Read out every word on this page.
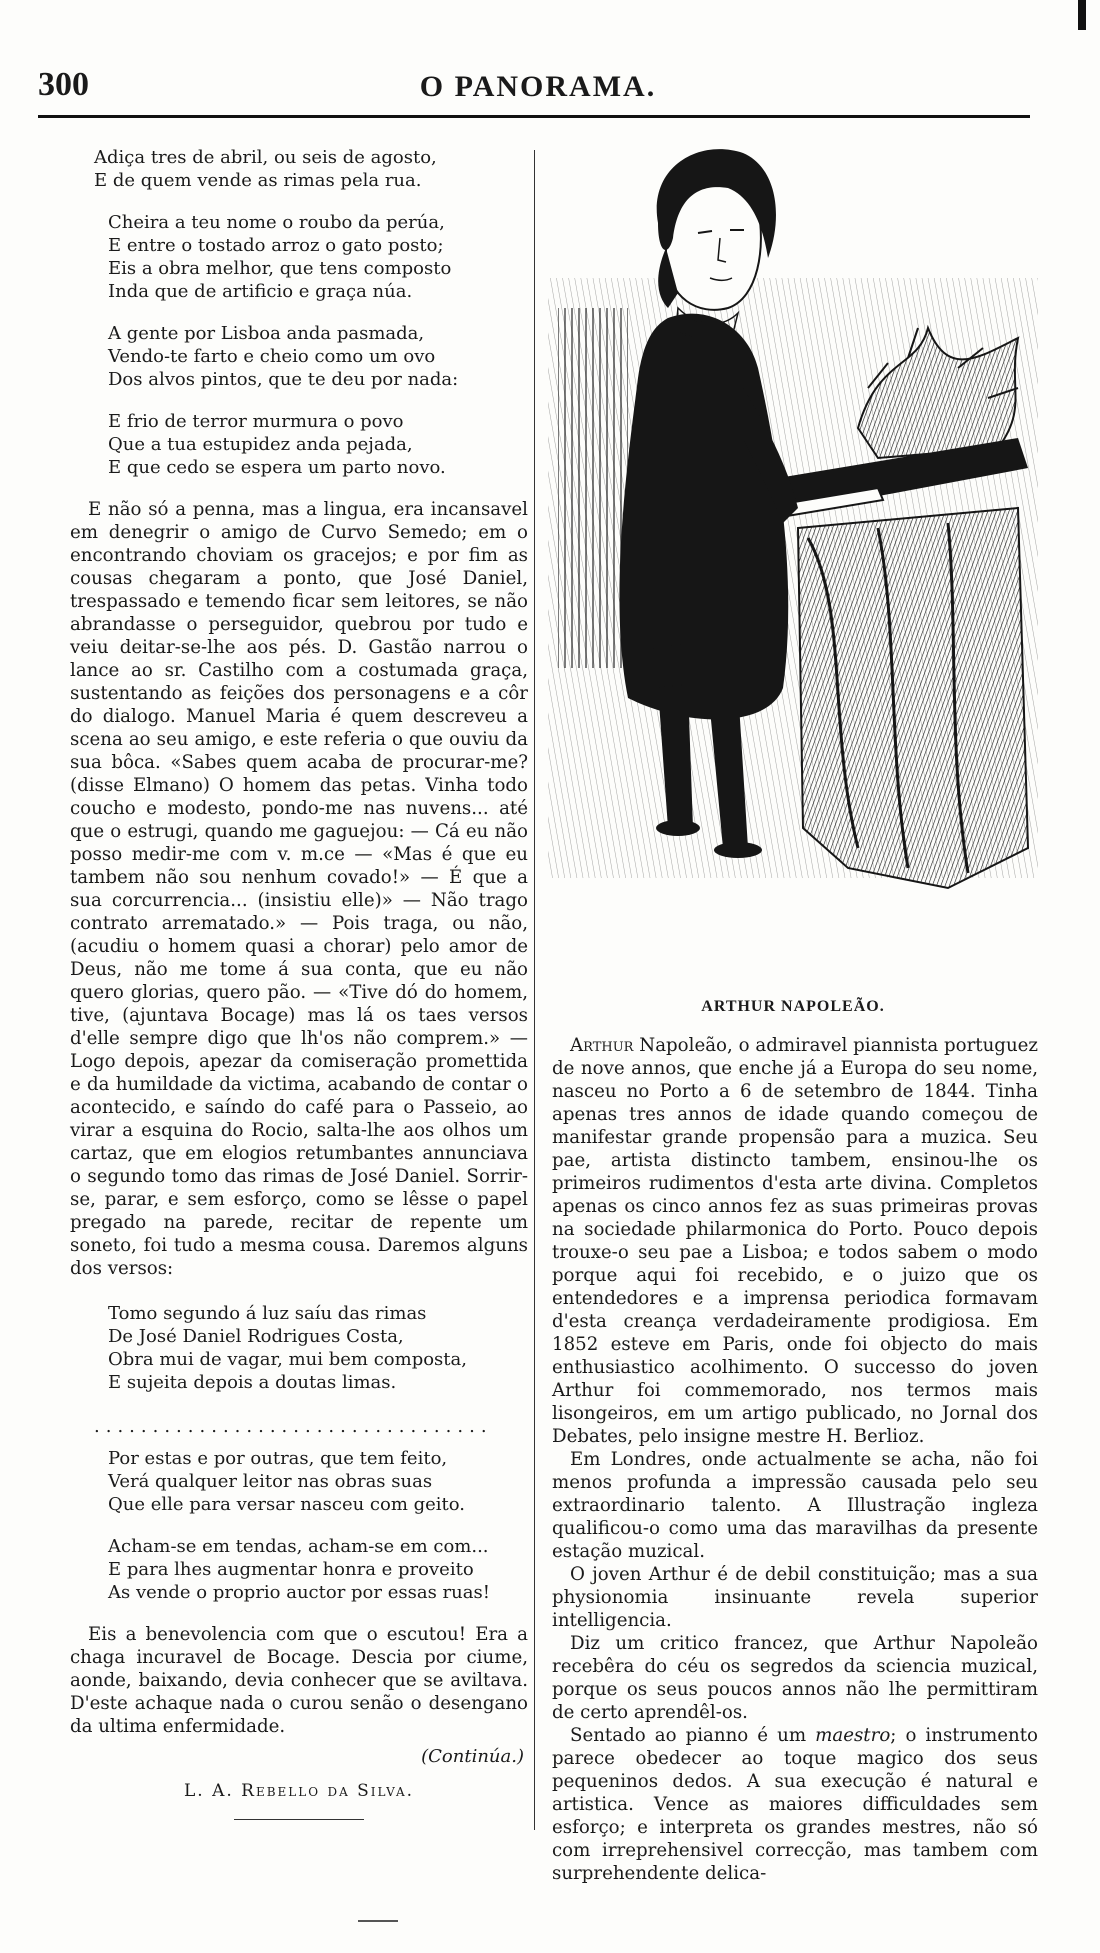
300	O PANORAMA.
Adiça tres de abril, ou seis de agosto,
E de quem vende as rimas pela rua.
Cheira a teu nome o roubo da perúa,
E entre o tostado arroz o gato posto;
Eis a obra melhor, que tens composto
Inda que de artificio e graça núa.
A gente por Lisboa anda pasmada,
Vendo-te farto e cheio como um ovo
Dos alvos pintos, que te deu por nada:
E frio de terror murmura o povo
Que a tua estupidez anda pejada,
E que cedo se espera um parto novo.

E não só a penna, mas a lingua, era incansavel em denegrir o amigo de Curvo Semedo; em o encontrando choviam os gracejos; e por fim as cousas chegaram a ponto, que José Daniel, trespassado e temendo ficar sem leitores, se não abrandasse o perseguidor, quebrou por tudo e veiu deitar-se-lhe aos pés. D. Gastão narrou o lance ao sr. Castilho com a costumada graça, sustentando as feições dos personagens e a côr do dialogo. Manuel Maria é quem descreveu a scena ao seu amigo, e este referia o que ouviu da sua bôca. «Sabes quem acaba de procurar-me? (disse Elmano) O homem das petas. Vinha todo coucho e modesto, pondo-me nas nuvens... até que o estrugi, quando me gaguejou: — Cá eu não posso medir-me com v. m.ce — «Mas é que eu tambem não sou nenhum covado!» — É que a sua corcurrencia... (insistiu elle)» — Não trago contrato arrematado.» — Pois traga, ou não, (acudiu o homem quasi a chorar) pelo amor de Deus, não me tome á sua conta, que eu não quero glorias, quero pão. — «Tive dó do homem, tive, (ajuntava Bocage) mas lá os taes versos d'elle sempre digo que lh'os não comprem.» — Logo depois, apezar da comiseração promettida e da humildade da victima, acabando de contar o acontecido, e saíndo do café para o Passeio, ao virar a esquina do Rocio, salta-lhe aos olhos um cartaz, que em elogios retumbantes annunciava o segundo tomo das rimas de José Daniel. Sorrir-se, parar, e sem esforço, como se lêsse o papel pregado na parede, recitar de repente um soneto, foi tudo a mesma cousa. Daremos alguns dos versos:

Tomo segundo á luz saíu das rimas
De José Daniel Rodrigues Costa,
Obra mui de vagar, mui bem composta,
E sujeita depois a doutas limas.
..................................
Por estas e por outras, que tem feito,
Verá qualquer leitor nas obras suas
Que elle para versar nasceu com geito.
Acham-se em tendas, acham-se em com...
E para lhes augmentar honra e proveito
As vende o proprio auctor por essas ruas!

Eis a benevolencia com que o escutou! Era a chaga incuravel de Bocage. Descia por ciume, aonde, baixando, devia conhecer que se aviltava. D'este achaque nada o curou senão o desengano da ultima enfermidade.

(Continúa.)
L. A. Rebello da Silva.
ARTHUR NAPOLEÃO.

Arthur Napoleão, o admiravel piannista portuguez de nove annos, que enche já a Europa do seu nome, nasceu no Porto a 6 de setembro de 1844. Tinha apenas tres annos de idade quando começou de manifestar grande propensão para a muzica. Seu pae, artista distincto tambem, ensinou-lhe os primeiros rudimentos d'esta arte divina. Completos apenas os cinco annos fez as suas primeiras provas na sociedade philarmonica do Porto. Pouco depois trouxe-o seu pae a Lisboa; e todos sabem o modo porque aqui foi recebido, e o juizo que os entendedores e a imprensa periodica formavam d'esta creança verdadeiramente prodigiosa. Em 1852 esteve em Paris, onde foi objecto do mais enthusiastico acolhimento. O successo do joven Arthur foi commemorado, nos termos mais lisongeiros, em um artigo publicado, no Jornal dos Debates, pelo insigne mestre H. Berlioz.

Em Londres, onde actualmente se acha, não foi menos profunda a impressão causada pelo seu extraordinario talento. A Illustração ingleza qualificou-o como uma das maravilhas da presente estação muzical.

O joven Arthur é de debil constituição; mas a sua physionomia insinuante revela superior intelligencia.

Diz um critico francez, que Arthur Napoleão recebêra do céu os segredos da sciencia muzical, porque os seus poucos annos não lhe permittiram de certo aprendêl-os.

Sentado ao pianno é um maestro; o instrumento parece obedecer ao toque magico dos seus pequeninos dedos. A sua execução é natural e artistica. Vence as maiores difficuldades sem esforço; e interpreta os grandes mestres, não só com irreprehensivel correcção, mas tambem com surprehendente delica-
